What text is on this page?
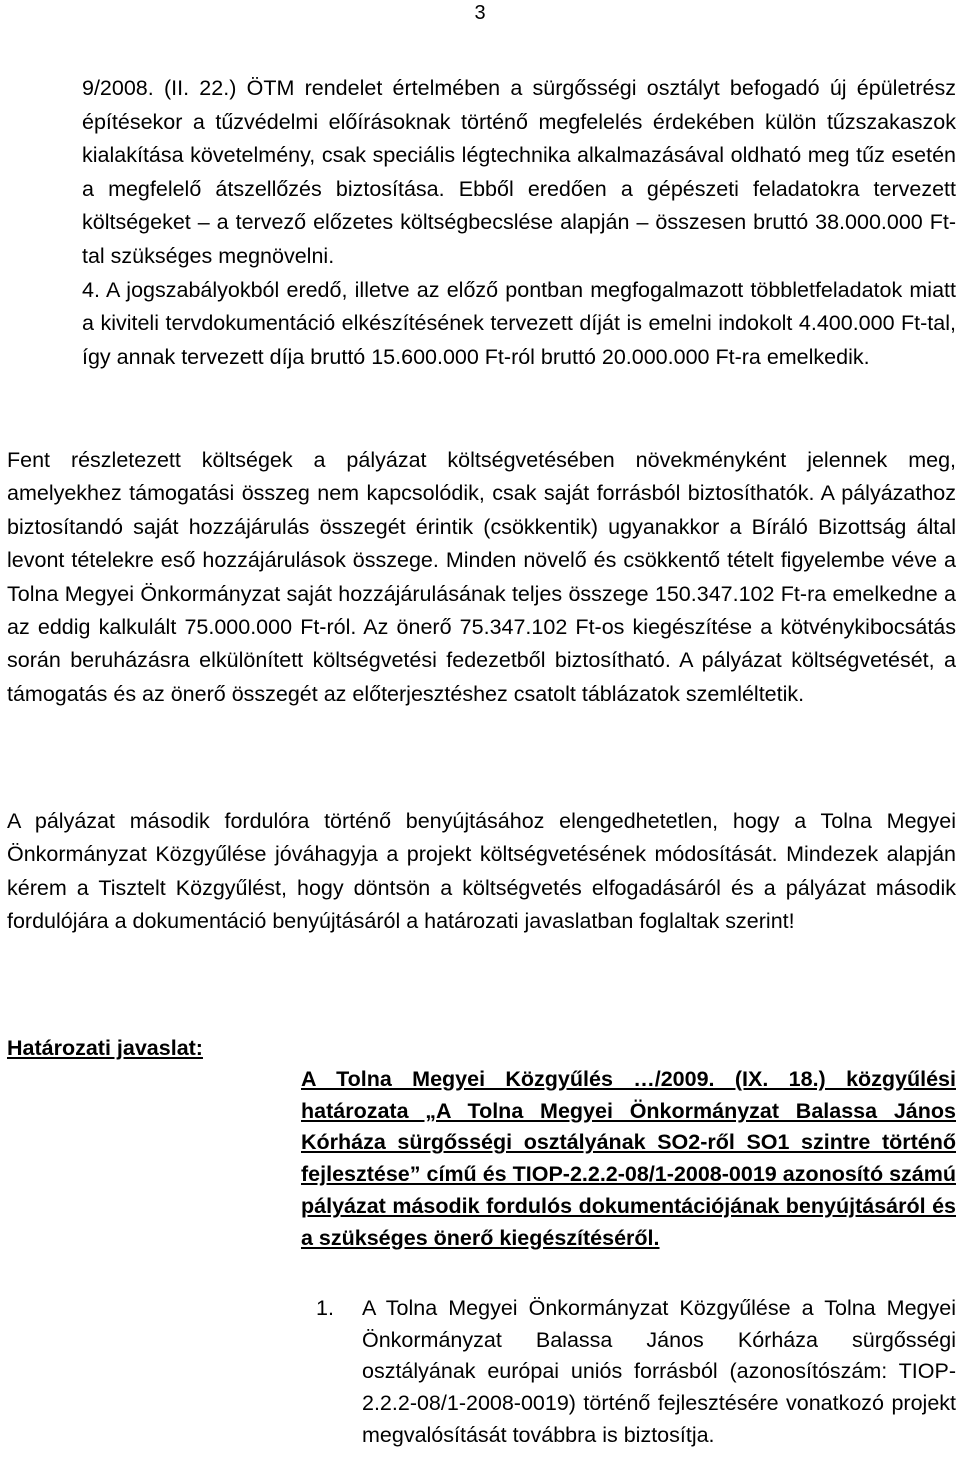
3

9/2008. (II. 22.) ÖTM rendelet értelmében a sürgősségi osztályt befogadó új épületrész építésekor a tűzvédelmi előírásoknak történő megfelelés érdekében külön tűzszakaszok kialakítása követelmény, csak speciális légtechnika alkalmazásával oldható meg tűz esetén a megfelelő átszellőzés biztosítása. Ebből eredően a gépészeti feladatokra tervezett költségeket – a tervező előzetes költségbecslése alapján – összesen bruttó 38.000.000 Ft-tal szükséges megnövelni.

4. A jogszabályokból eredő, illetve az előző pontban megfogalmazott többletfeladatok miatt a kiviteli tervdokumentáció elkészítésének tervezett díját is emelni indokolt 4.400.000 Ft-tal, így annak tervezett díja bruttó 15.600.000 Ft-ról bruttó 20.000.000 Ft-ra emelkedik.

Fent részletezett költségek a pályázat költségvetésében növekményként jelennek meg, amelyekhez támogatási összeg nem kapcsolódik, csak saját forrásból biztosíthatók. A pályázathoz biztosítandó saját hozzájárulás összegét érintik (csökkentik) ugyanakkor a Bíráló Bizottság által levont tételekre eső hozzájárulások összege. Minden növelő és csökkentő tételt figyelembe véve a Tolna Megyei Önkormányzat saját hozzájárulásának teljes összege 150.347.102 Ft-ra emelkedne a az eddig kalkulált 75.000.000 Ft-ról. Az önerő 75.347.102 Ft-os kiegészítése a kötvénykibocsátás során beruházásra elkülönített költségvetési fedezetből biztosítható. A pályázat költségvetését, a támogatás és az önerő összegét az előterjesztéshez csatolt táblázatok szemléltetik.

A pályázat második fordulóra történő benyújtásához elengedhetetlen, hogy a Tolna Megyei Önkormányzat Közgyűlése jóváhagyja a projekt költségvetésének módosítását. Mindezek alapján kérem a Tisztelt Közgyűlést, hogy döntsön a költségvetés elfogadásáról és a pályázat második fordulójára a dokumentáció benyújtásáról a határozati javaslatban foglaltak szerint!

Határozati javaslat:

A Tolna Megyei Közgyűlés …/2009. (IX. 18.) közgyűlési határozata „A Tolna Megyei Önkormányzat Balassa János Kórháza sürgősségi osztályának SO2-ről SO1 szintre történő fejlesztése” című és TIOP-2.2.2-08/1-2008-0019 azonosító számú pályázat második fordulós dokumentációjának benyújtásáról és a szükséges önerő kiegészítéséről.

1.	A Tolna Megyei Önkormányzat Közgyűlése a Tolna Megyei Önkormányzat Balassa János Kórháza sürgősségi osztályának európai uniós forrásból (azonosítószám: TIOP-2.2.2-08/1-2008-0019) történő fejlesztésére vonatkozó projekt megvalósítását továbbra is biztosítja.
